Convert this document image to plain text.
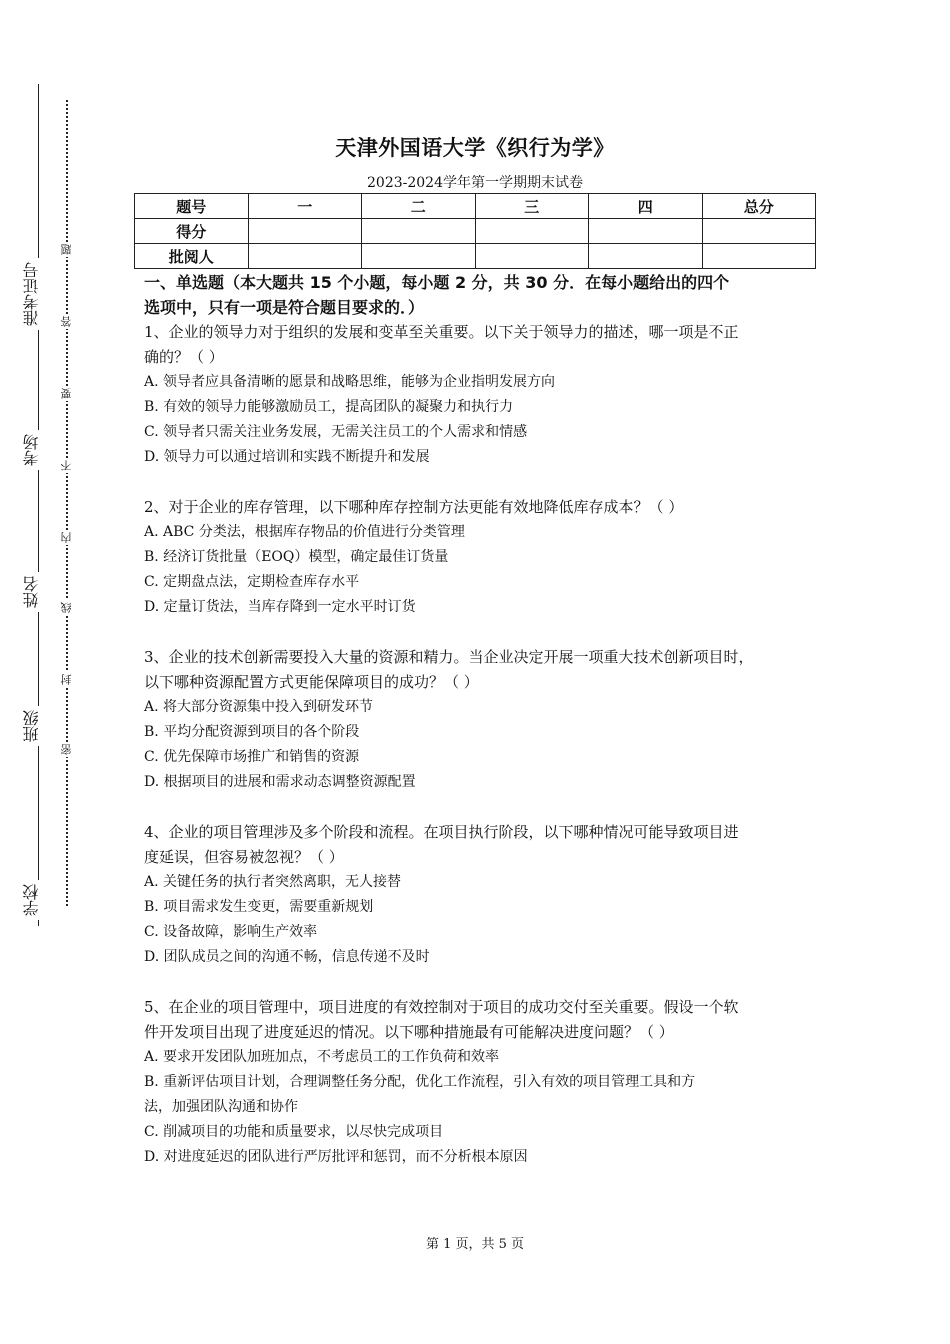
学校
班级
姓名
考场
准考证号
密
封
线
内
不
要
答
题
天津外国语大学《织行为学》
2023-2024学年第一学期期末试卷
题号	一	二	三	四	总分
得分					
批阅人					
一、单选题（本大题共 15 个小题，每小题 2 分，共 30 分．在每小题给出的四个
选项中，只有一项是符合题目要求的．）
1、企业的领导力对于组织的发展和变革至关重要。以下关于领导力的描述，哪一项是不正
确的？（ ）
A. 领导者应具备清晰的愿景和战略思维，能够为企业指明发展方向
B. 有效的领导力能够激励员工，提高团队的凝聚力和执行力
C. 领导者只需关注业务发展，无需关注员工的个人需求和情感
D. 领导力可以通过培训和实践不断提升和发展
2、对于企业的库存管理，以下哪种库存控制方法更能有效地降低库存成本？（ ）
A. ABC 分类法，根据库存物品的价值进行分类管理
B. 经济订货批量（EOQ）模型，确定最佳订货量
C. 定期盘点法，定期检查库存水平
D. 定量订货法，当库存降到一定水平时订货
3、企业的技术创新需要投入大量的资源和精力。当企业决定开展一项重大技术创新项目时，
以下哪种资源配置方式更能保障项目的成功？（ ）
A. 将大部分资源集中投入到研发环节
B. 平均分配资源到项目的各个阶段
C. 优先保障市场推广和销售的资源
D. 根据项目的进展和需求动态调整资源配置
4、企业的项目管理涉及多个阶段和流程。在项目执行阶段，以下哪种情况可能导致项目进
度延误，但容易被忽视？（ ）
A. 关键任务的执行者突然离职，无人接替
B. 项目需求发生变更，需要重新规划
C. 设备故障，影响生产效率
D. 团队成员之间的沟通不畅，信息传递不及时
5、在企业的项目管理中，项目进度的有效控制对于项目的成功交付至关重要。假设一个软
件开发项目出现了进度延迟的情况。以下哪种措施最有可能解决进度问题？（ ）
A. 要求开发团队加班加点，不考虑员工的工作负荷和效率
B. 重新评估项目计划，合理调整任务分配，优化工作流程，引入有效的项目管理工具和方
法，加强团队沟通和协作
C. 削减项目的功能和质量要求，以尽快完成项目
D. 对进度延迟的团队进行严厉批评和惩罚，而不分析根本原因
第 1 页，共 5 页
